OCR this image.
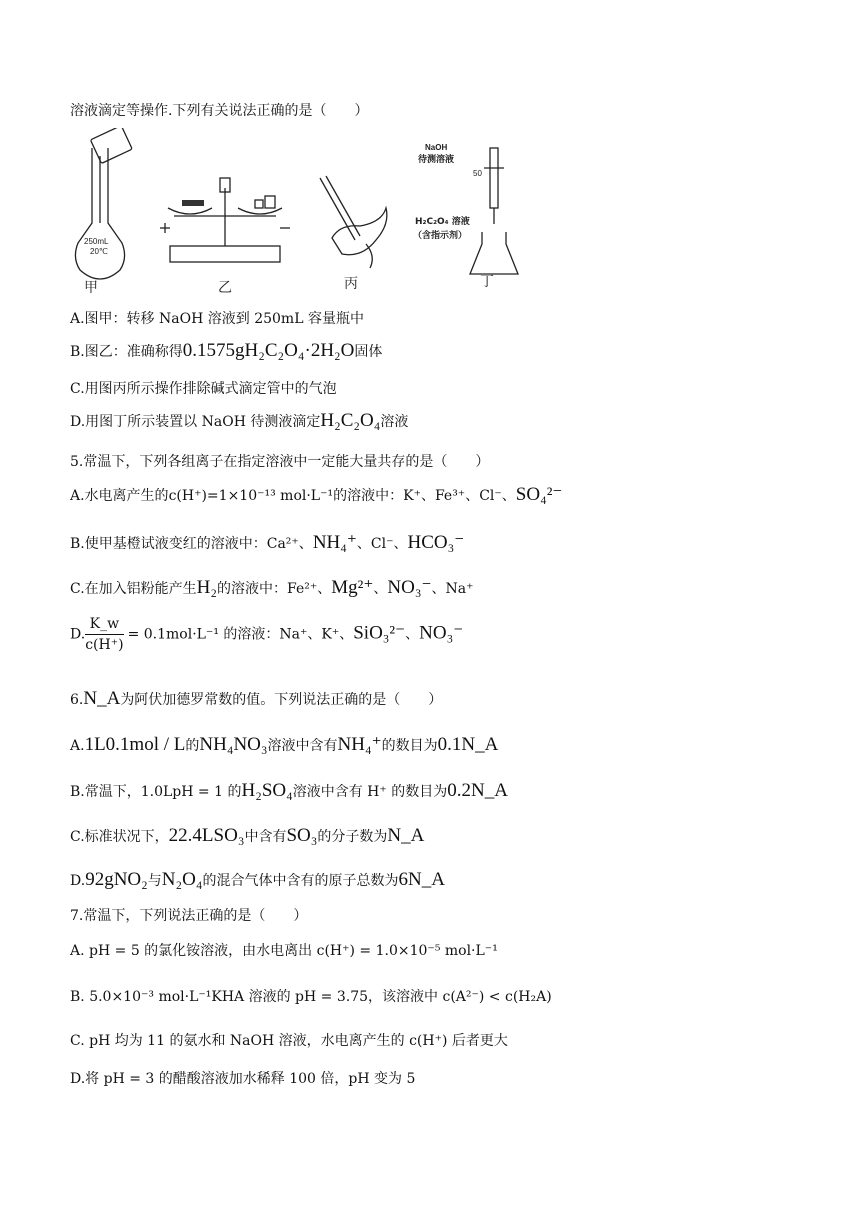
溶液滴定等操作.下列有关说法正确的是（　　）
250mL
20℃
甲	乙	丙
NaOH
待测溶液
50
H₂C₂O₄ 溶液
（含指示剂）
丁
A.图甲：转移 NaOH 溶液到 250mL 容量瓶中
B.图乙：准确称得0.1575gH₂C₂O₄·2H₂O固体
C.用图丙所示操作排除碱式滴定管中的气泡
D.用图丁所示装置以 NaOH 待测液滴定H₂C₂O₄溶液
5.常温下，下列各组离子在指定溶液中一定能大量共存的是（　　）
A.水电离产生的c(H⁺)=1×10⁻¹³ mol·L⁻¹的溶液中：K⁺、Fe³⁺、Cl⁻、SO₄²⁻
B.使甲基橙试液变红的溶液中：Ca²⁺、NH₄⁺、Cl⁻、HCO₃⁻
C.在加入铝粉能产生H₂的溶液中：Fe²⁺、Mg²⁺、NO₃⁻、Na⁺
D. $\frac{K\_w}{c(H^+)} = 0.1mol\cdot L^{-1}$ 的溶液：Na⁺、K⁺、SiO₃²⁻、NO₃⁻
6.N_A为阿伏加德罗常数的值。下列说法正确的是（　　）
A.1L0.1mol / L的NH₄NO₃溶液中含有NH₄⁺的数目为0.1N_A
B.常温下，1.0LpH = 1 的H₂SO₄溶液中含有 H⁺ 的数目为0.2N_A
C.标准状况下，22.4LSO₃中含有SO₃的分子数为N_A
D.92gNO₂与N₂O₄的混合气体中含有的原子总数为6N_A
7.常温下，下列说法正确的是（　　）
A. pH = 5 的氯化铵溶液，由水电离出 c(H⁺) = 1.0×10⁻⁵ mol·L⁻¹
B. 5.0×10⁻³ mol·L⁻¹KHA 溶液的 pH = 3.75，该溶液中 c(A²⁻) < c(H₂A)
C. pH 均为 11 的氨水和 NaOH 溶液，水电离产生的 c(H⁺) 后者更大
D.将 pH = 3 的醋酸溶液加水稀释 100 倍，pH 变为 5
